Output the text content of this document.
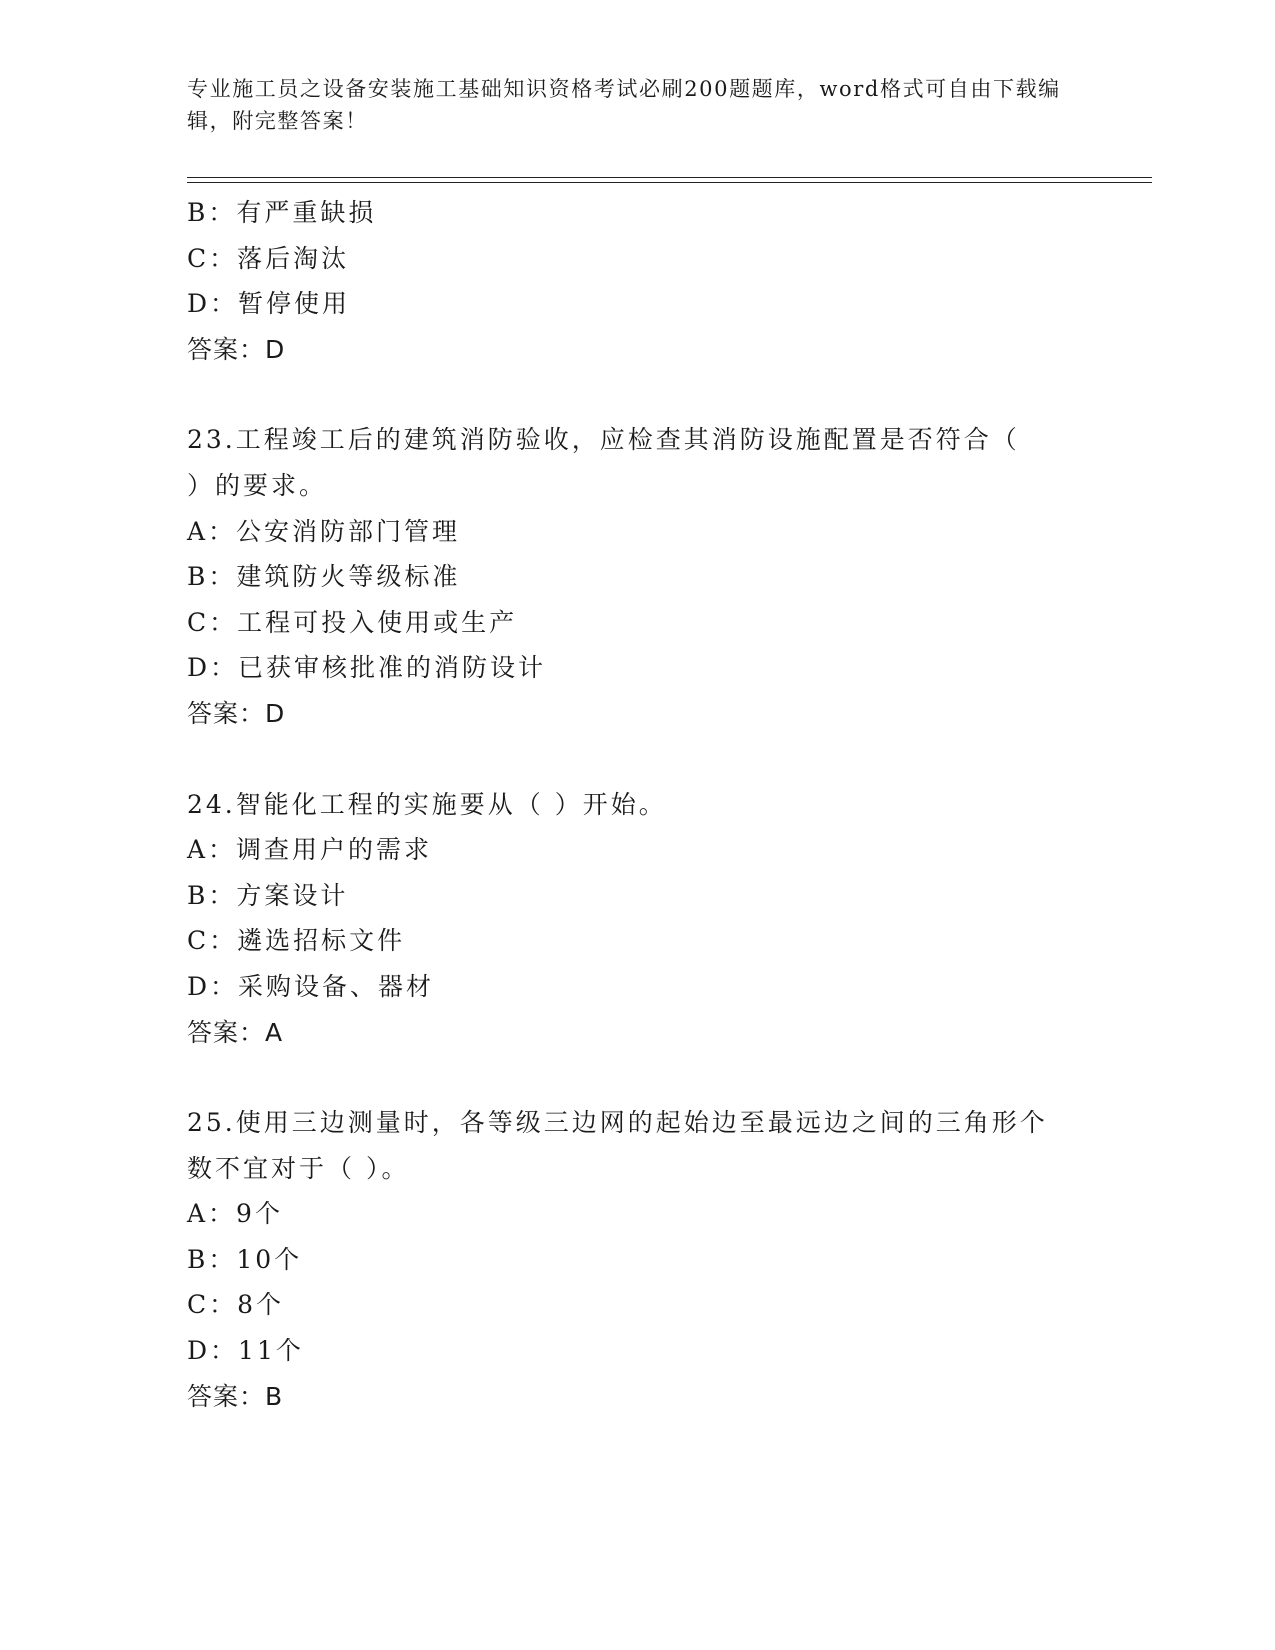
专业施工员之设备安装施工基础知识资格考试必刷200题题库，word格式可自由下载编辑，附完整答案！
B：有严重缺损
C：落后淘汰
D：暂停使用
答案：D
23.工程竣工后的建筑消防验收，应检查其消防设施配置是否符合（
）的要求。
A：公安消防部门管理
B：建筑防火等级标准
C：工程可投入使用或生产
D：已获审核批准的消防设计
答案：D
24.智能化工程的实施要从（ ）开始。
A：调查用户的需求
B：方案设计
C：遴选招标文件
D：采购设备、器材
答案：A
25.使用三边测量时，各等级三边网的起始边至最远边之间的三角形个
数不宜对于（ ）。
A：9个
B：10个
C：8个
D：11个
答案：B
